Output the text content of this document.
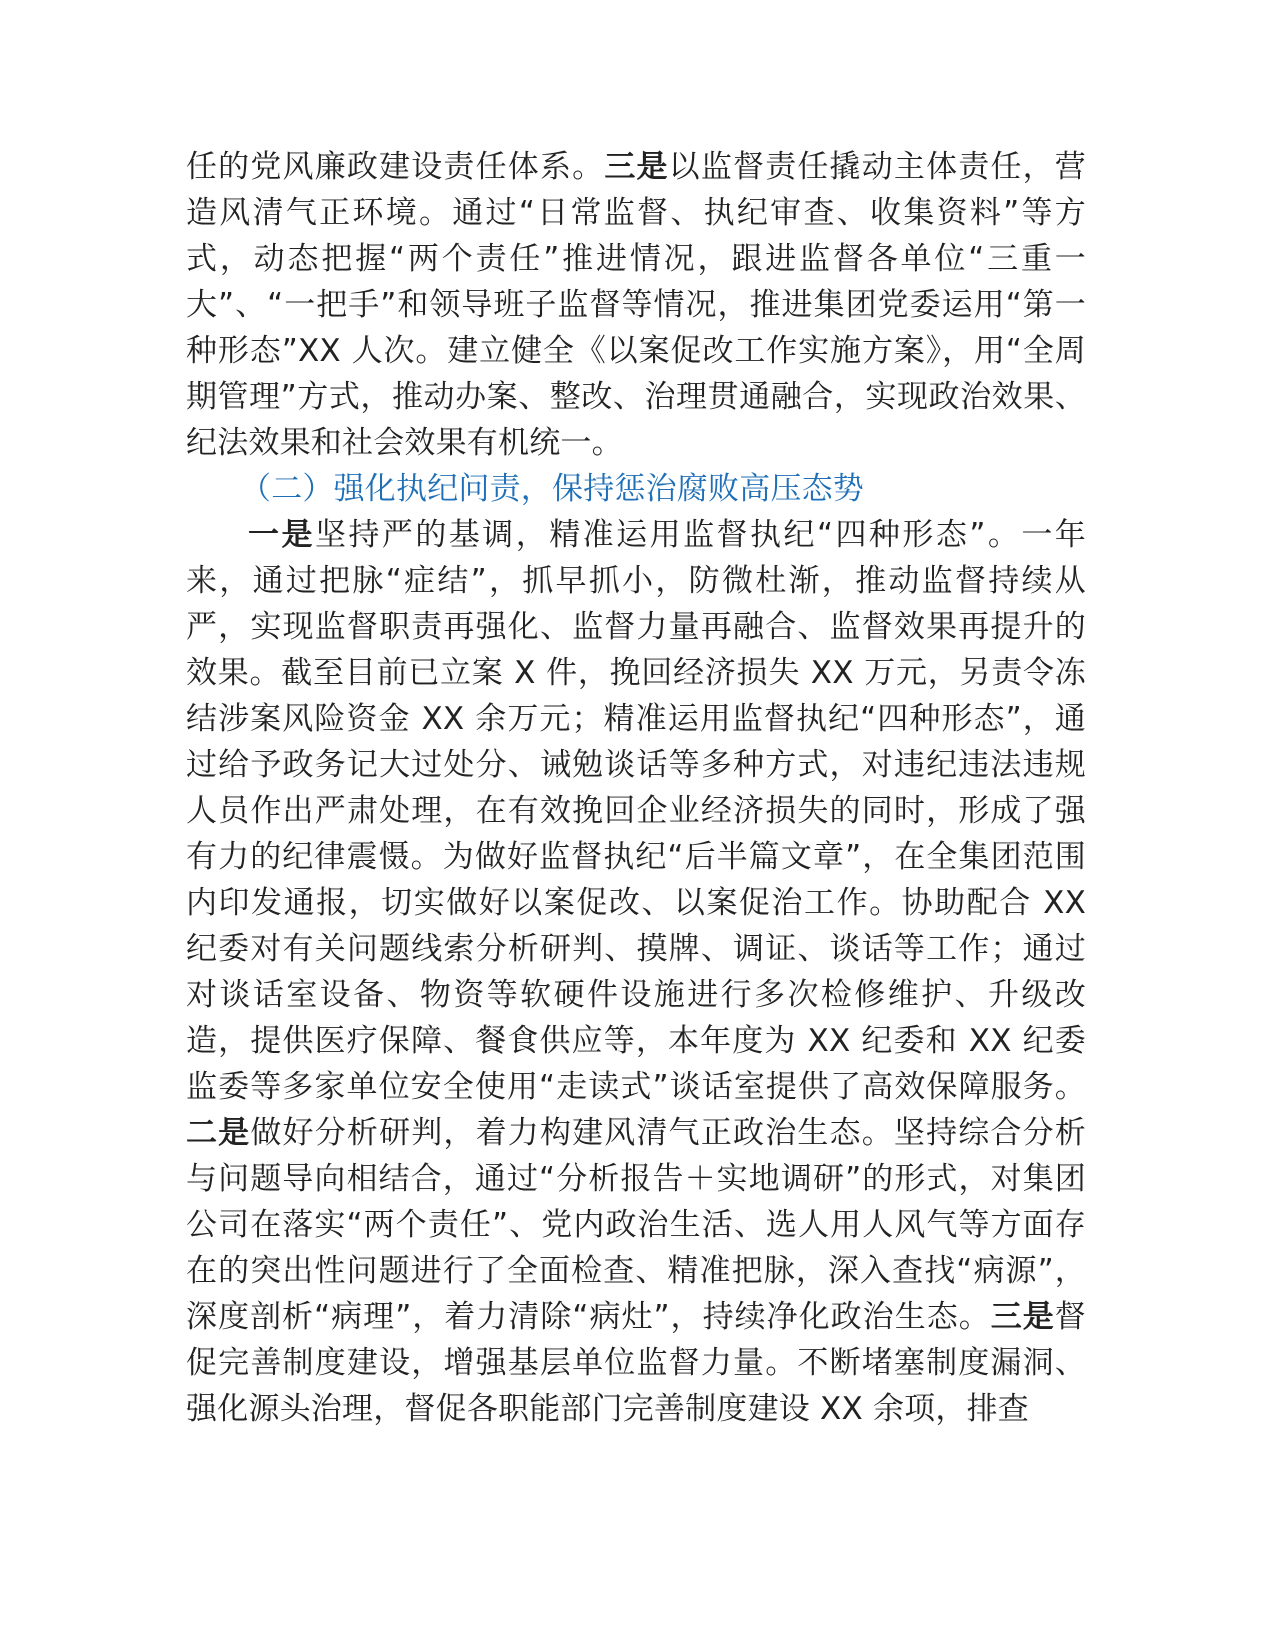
任的党风廉政建设责任体系。三是以监督责任撬动主体责任，营造风清气正环境。通过“日常监督、执纪审查、收集资料”等方式，动态把握“两个责任”推进情况，跟进监督各单位“三重一大”、“一把手”和领导班子监督等情况，推进集团党委运用“第一种形态”XX 人次。建立健全《以案促改工作实施方案》，用“全周期管理”方式，推动办案、整改、治理贯通融合，实现政治效果、纪法效果和社会效果有机统一。

（二）强化执纪问责，保持惩治腐败高压态势

一是坚持严的基调，精准运用监督执纪“四种形态”。一年来，通过把脉“症结”，抓早抓小，防微杜渐，推动监督持续从严，实现监督职责再强化、监督力量再融合、监督效果再提升的效果。截至目前已立案 X 件，挽回经济损失 XX 万元，另责令冻结涉案风险资金 XX 余万元；精准运用监督执纪“四种形态”，通过给予政务记大过处分、诫勉谈话等多种方式，对违纪违法违规人员作出严肃处理，在有效挽回企业经济损失的同时，形成了强有力的纪律震慑。为做好监督执纪“后半篇文章”，在全集团范围内印发通报，切实做好以案促改、以案促治工作。协助配合 XX 纪委对有关问题线索分析研判、摸牌、调证、谈话等工作；通过对谈话室设备、物资等软硬件设施进行多次检修维护、升级改造，提供医疗保障、餐食供应等，本年度为 XX 纪委和 XX 纪委监委等多家单位安全使用“走读式”谈话室提供了高效保障服务。二是做好分析研判，着力构建风清气正政治生态。坚持综合分析与问题导向相结合，通过“分析报告＋实地调研”的形式，对集团公司在落实“两个责任”、党内政治生活、选人用人风气等方面存在的突出性问题进行了全面检查、精准把脉，深入查找“病源”，深度剖析“病理”，着力清除“病灶”，持续净化政治生态。三是督促完善制度建设，增强基层单位监督力量。不断堵塞制度漏洞、强化源头治理，督促各职能部门完善制度建设 XX 余项，排查
